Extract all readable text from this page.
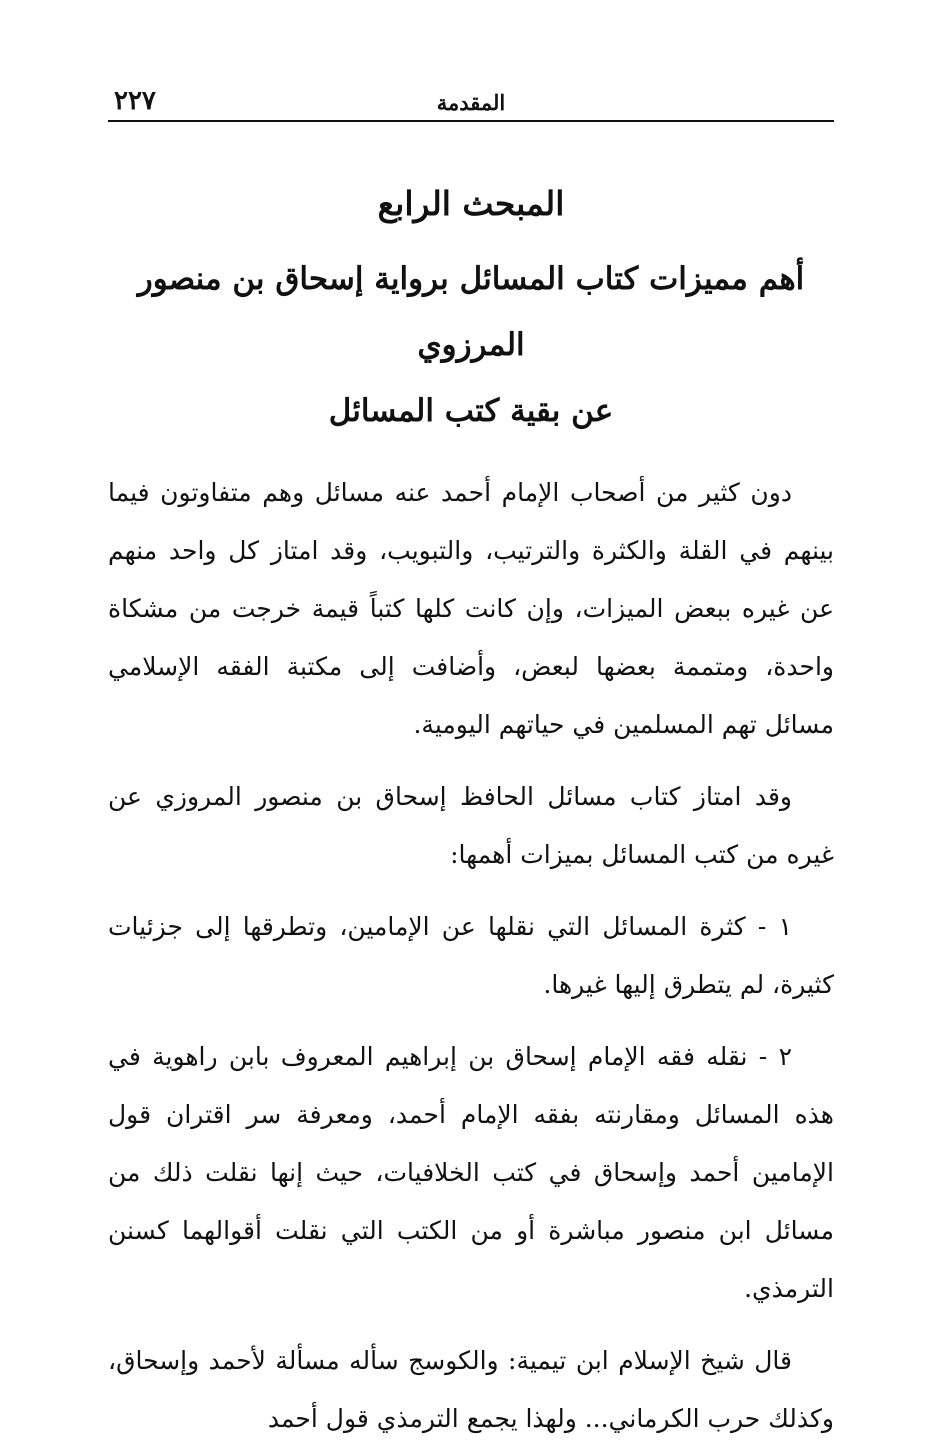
المقدمة
٢٢٧
المبحث الرابع
أهم مميزات كتاب المسائل برواية إسحاق بن منصور المرزوي
عن بقية كتب المسائل

دون كثير من أصحاب الإمام أحمد عنه مسائل وهم متفاوتون فيما بينهم في القلة والكثرة والترتيب، والتبويب، وقد امتاز كل واحد منهم عن غيره ببعض الميزات، وإن كانت كلها كتباً قيمة خرجت من مشكاة واحدة، ومتممة بعضها لبعض، وأضافت إلى مكتبة الفقه الإسلامي مسائل تهم المسلمين في حياتهم اليومية.

وقد امتاز كتاب مسائل الحافظ إسحاق بن منصور المروزي عن غيره من كتب المسائل بميزات أهمها:

١ - كثرة المسائل التي نقلها عن الإمامين، وتطرقها إلى جزئيات كثيرة، لم يتطرق إليها غيرها.

٢ - نقله فقه الإمام إسحاق بن إبراهيم المعروف بابن راهوية في هذه المسائل ومقارنته بفقه الإمام أحمد، ومعرفة سر اقتران قول الإمامين أحمد وإسحاق في كتب الخلافيات، حيث إنها نقلت ذلك من مسائل ابن منصور مباشرة أو من الكتب التي نقلت أقوالهما كسنن الترمذي.

قال شيخ الإسلام ابن تيمية: والكوسج سأله مسألة لأحمد وإسحاق، وكذلك حرب الكرماني... ولهذا يجمع الترمذي قول أحمد
